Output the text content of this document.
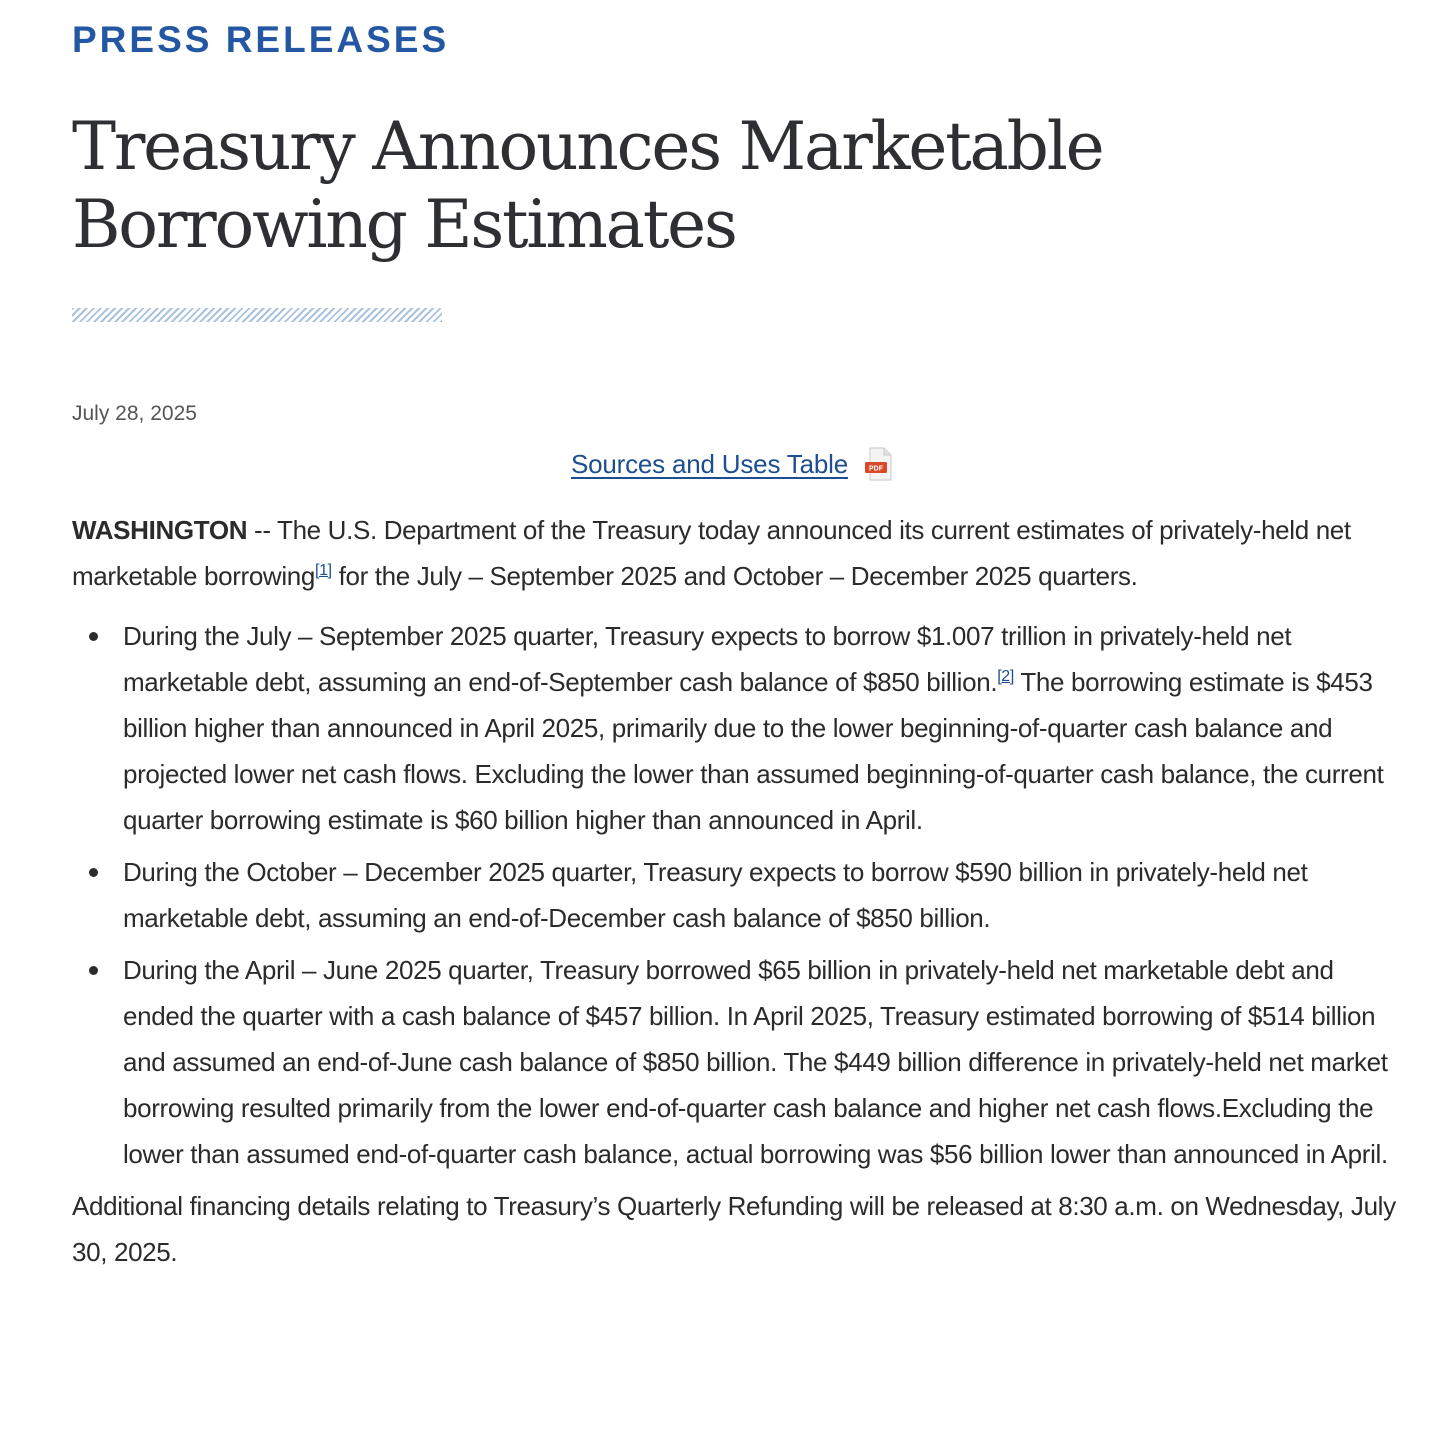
PRESS RELEASES
Treasury Announces Marketable Borrowing Estimates
July 28, 2025
Sources and Uses Table	PDF

WASHINGTON -- The U.S. Department of the Treasury today announced its current estimates of privately-held net marketable borrowing[1] for the July – September 2025 and October – December 2025 quarters.

During the July – September 2025 quarter, Treasury expects to borrow $1.007 trillion in privately-held net marketable debt, assuming an end-of-September cash balance of $850 billion.[2] The borrowing estimate is $453 billion higher than announced in April 2025, primarily due to the lower beginning-of-quarter cash balance and projected lower net cash flows. Excluding the lower than assumed beginning-of-quarter cash balance, the current quarter borrowing estimate is $60 billion higher than announced in April.
During the October – December 2025 quarter, Treasury expects to borrow $590 billion in privately-held net marketable debt, assuming an end-of-December cash balance of $850 billion.
During the April – June 2025 quarter, Treasury borrowed $65 billion in privately-held net marketable debt and ended the quarter with a cash balance of $457 billion. In April 2025, Treasury estimated borrowing of $514 billion and assumed an end-of-June cash balance of $850 billion. The $449 billion difference in privately-held net market borrowing resulted primarily from the lower end-of-quarter cash balance and higher net cash flows.Excluding the lower than assumed end-of-quarter cash balance, actual borrowing was $56 billion lower than announced in April.

Additional financing details relating to Treasury’s Quarterly Refunding will be released at 8:30 a.m. on Wednesday, July 30, 2025.
